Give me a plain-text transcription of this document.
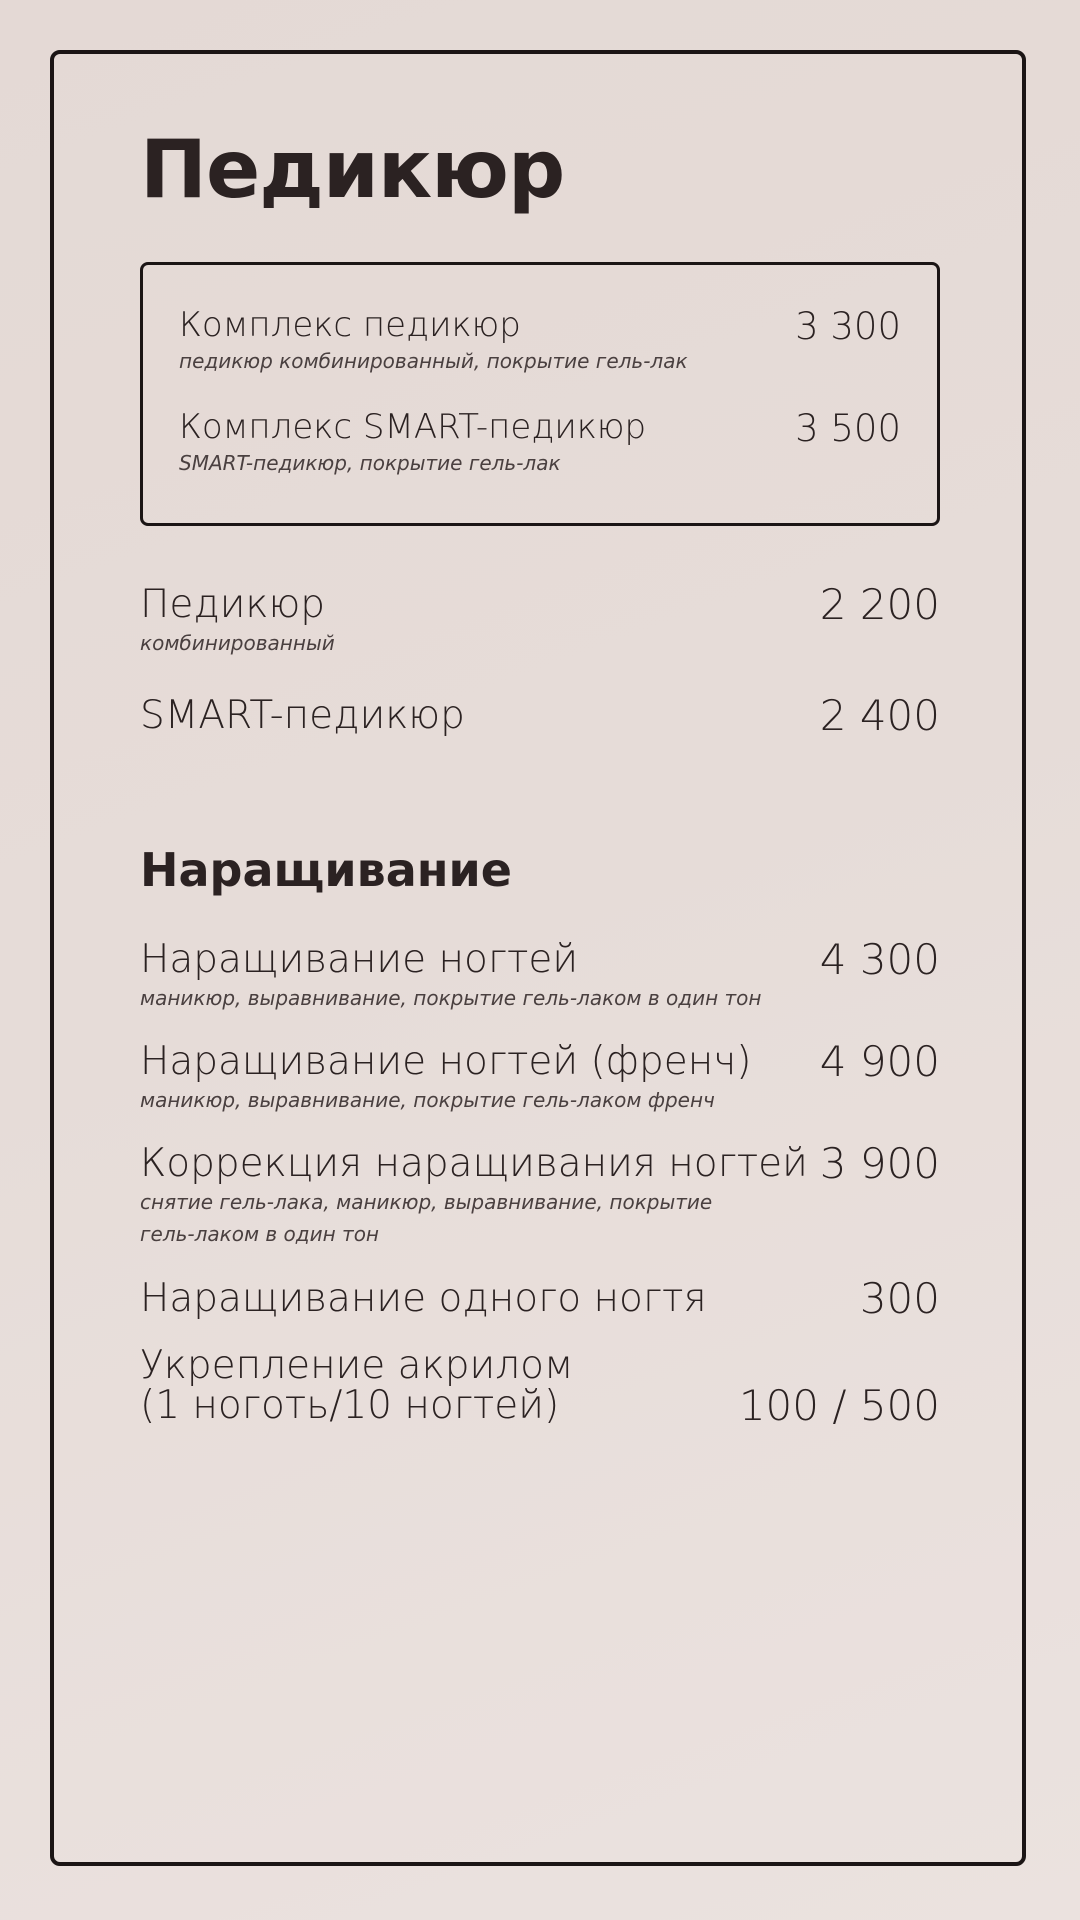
Педикюр
Комплекс педикюр	3 300
педикюр комбинированный, покрытие гель-лак
Комплекс SMART-педикюр	3 500
SMART-педикюр, покрытие гель-лак
Педикюр	2 200
комбинированный
SMART-педикюр	2 400
Наращивание
Наращивание ногтей	4 300
маникюр, выравнивание, покрытие гель-лаком в один тон
Наращивание ногтей (френч)	4 900
маникюр, выравнивание, покрытие гель-лаком френч
Коррекция наращивания ногтей 3 900
снятие гель-лака, маникюр, выравнивание, покрытие
гель-лаком в один тон
Наращивание одного ногтя	300
Укрепление акрилом
(1 ноготь/10 ногтей)	100 / 500
